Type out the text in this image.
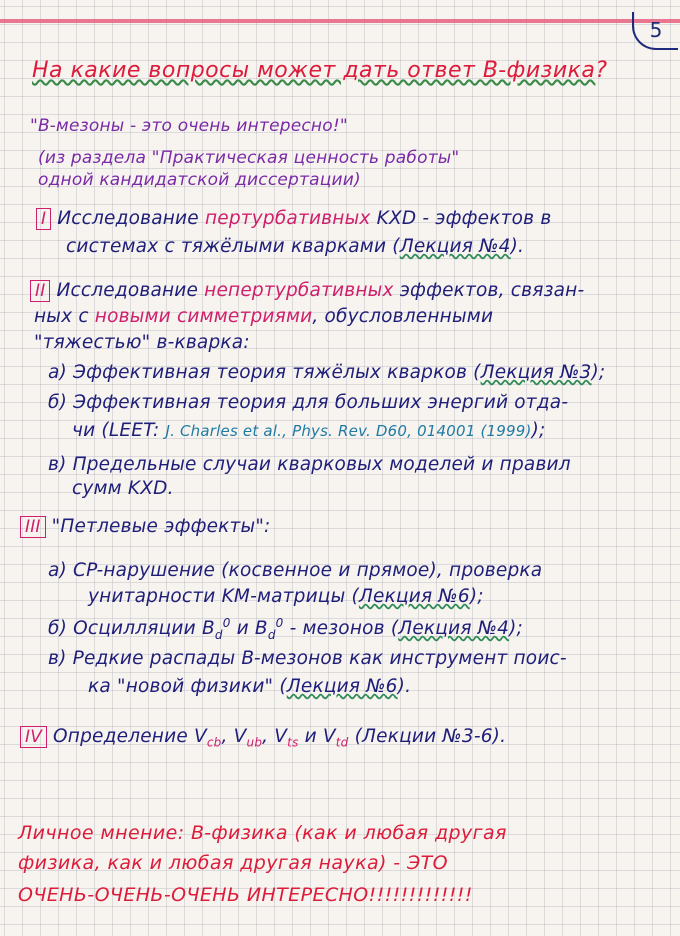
5
На какие вопросы может дать ответ B-физика?
"B-мезоны - это очень интересно!"
(из раздела "Практическая ценность работы"
одной кандидатской диссертации)
I Исследование пертурбативных KXD - эффектов в
системах с тяжёлыми кварками (Лекция №4).
II Исследование непертурбативных эффектов, связан-
ных с новыми симметриями, обусловленными
"тяжестью" в-кварка:
а) Эффективная теория тяжёлых кварков (Лекция №3);
б) Эффективная теория для больших энергий отда-
чи (LEET: J. Charles et al., Phys. Rev. D60, 014001 (1999));
в) Предельные случаи кварковых моделей и правил
сумм KXD.
III "Петлевые эффекты":
а) CP-нарушение (косвенное и прямое), проверка
унитарности KM-матрицы (Лекция №6);
б) Осцилляции $B_d^0$ и $B_d^0$ - мезонов (Лекция №4);
в) Редкие распады B-мезонов как инструмент поис-
ка "новой физики" (Лекция №6).
IV Определение $V_{cb}$, $V_{ub}$, $V_{ts}$ и $V_{td}$ (Лекции №3-6).
Личное мнение: B-физика (как и любая другая
физика, как и любая другая наука) - ЭТО
ОЧЕНЬ-ОЧЕНЬ-ОЧЕНЬ ИНТЕРЕСНО!!!!!!!!!!!!!
